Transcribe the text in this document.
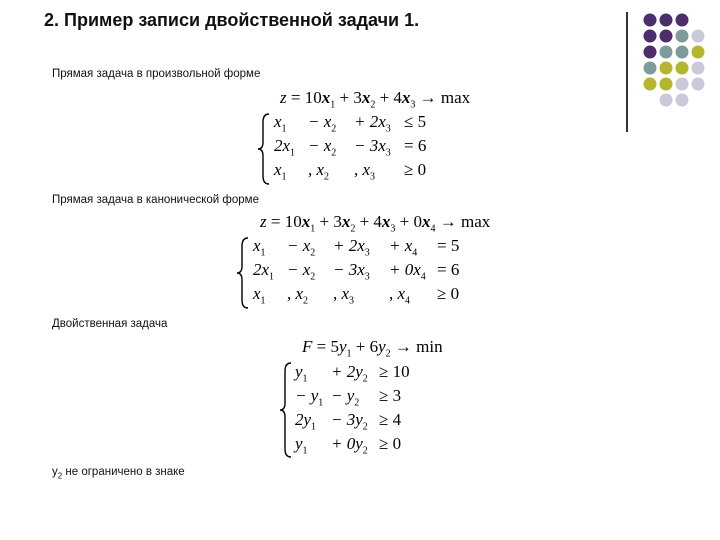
2. Пример записи двойственной задачи 1.
Прямая задача в произвольной форме
$z = 10x_1 + 3x_2 + 4x_3 \to \max$
$x_1 - x_2 + 2x_3 \le 5$
$2x_1 - x_2 - 3x_3 = 6$
$x_1$ , $x_2$ , $x_3 \ge 0$
Прямая задача в канонической форме
$z = 10x_1 + 3x_2 + 4x_3 + 0x_4 \to \max$
$x_1 - x_2 + 2x_3 + x_4 = 5$
$2x_1 - x_2 - 3x_3 + 0x_4 = 6$
$x_1$ , $x_2$ , $x_3$ , $x_4 \ge 0$
Двойственная задача
$F = 5y_1 + 6y_2 \to \min$
$y_1 + 2y_2 \ge 10$
− $y_1 - y_2 \ge 3$
$2y_1 - 3y_2 \ge 4$
$y_1 + 0y_2 \ge 0$
$y_2$ не ограничено в знаке
